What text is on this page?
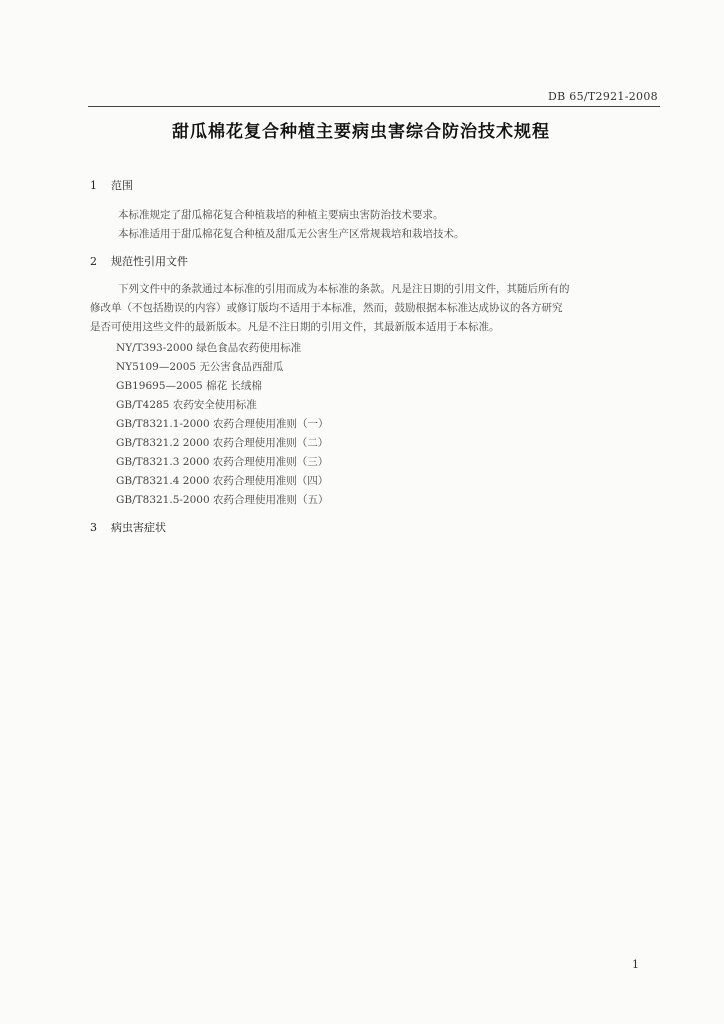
DB 65/T2921-2008
甜瓜棉花复合种植主要病虫害综合防治技术规程
1 范围
本标准规定了甜瓜棉花复合种植栽培的种植主要病虫害防治技术要求。
本标准适用于甜瓜棉花复合种植及甜瓜无公害生产区常规栽培和栽培技术。
2 规范性引用文件
下列文件中的条款通过本标准的引用而成为本标准的条款。凡是注日期的引用文件，其随后所有的
修改单（不包括勘误的内容）或修订版均不适用于本标准，然而，鼓励根据本标准达成协议的各方研究
是否可使用这些文件的最新版本。凡是不注日期的引用文件，其最新版本适用于本标准。
NY/T393-2000 绿色食品农药使用标准
NY5109—2005 无公害食品西甜瓜
GB19695—2005 棉花 长绒棉
GB/T4285 农药安全使用标准
GB/T8321.1-2000 农药合理使用准则（一）
GB/T8321.2 2000 农药合理使用准则（二）
GB/T8321.3 2000 农药合理使用准则（三）
GB/T8321.4 2000 农药合理使用准则（四）
GB/T8321.5-2000 农药合理使用准则（五）
3 病虫害症状
1
